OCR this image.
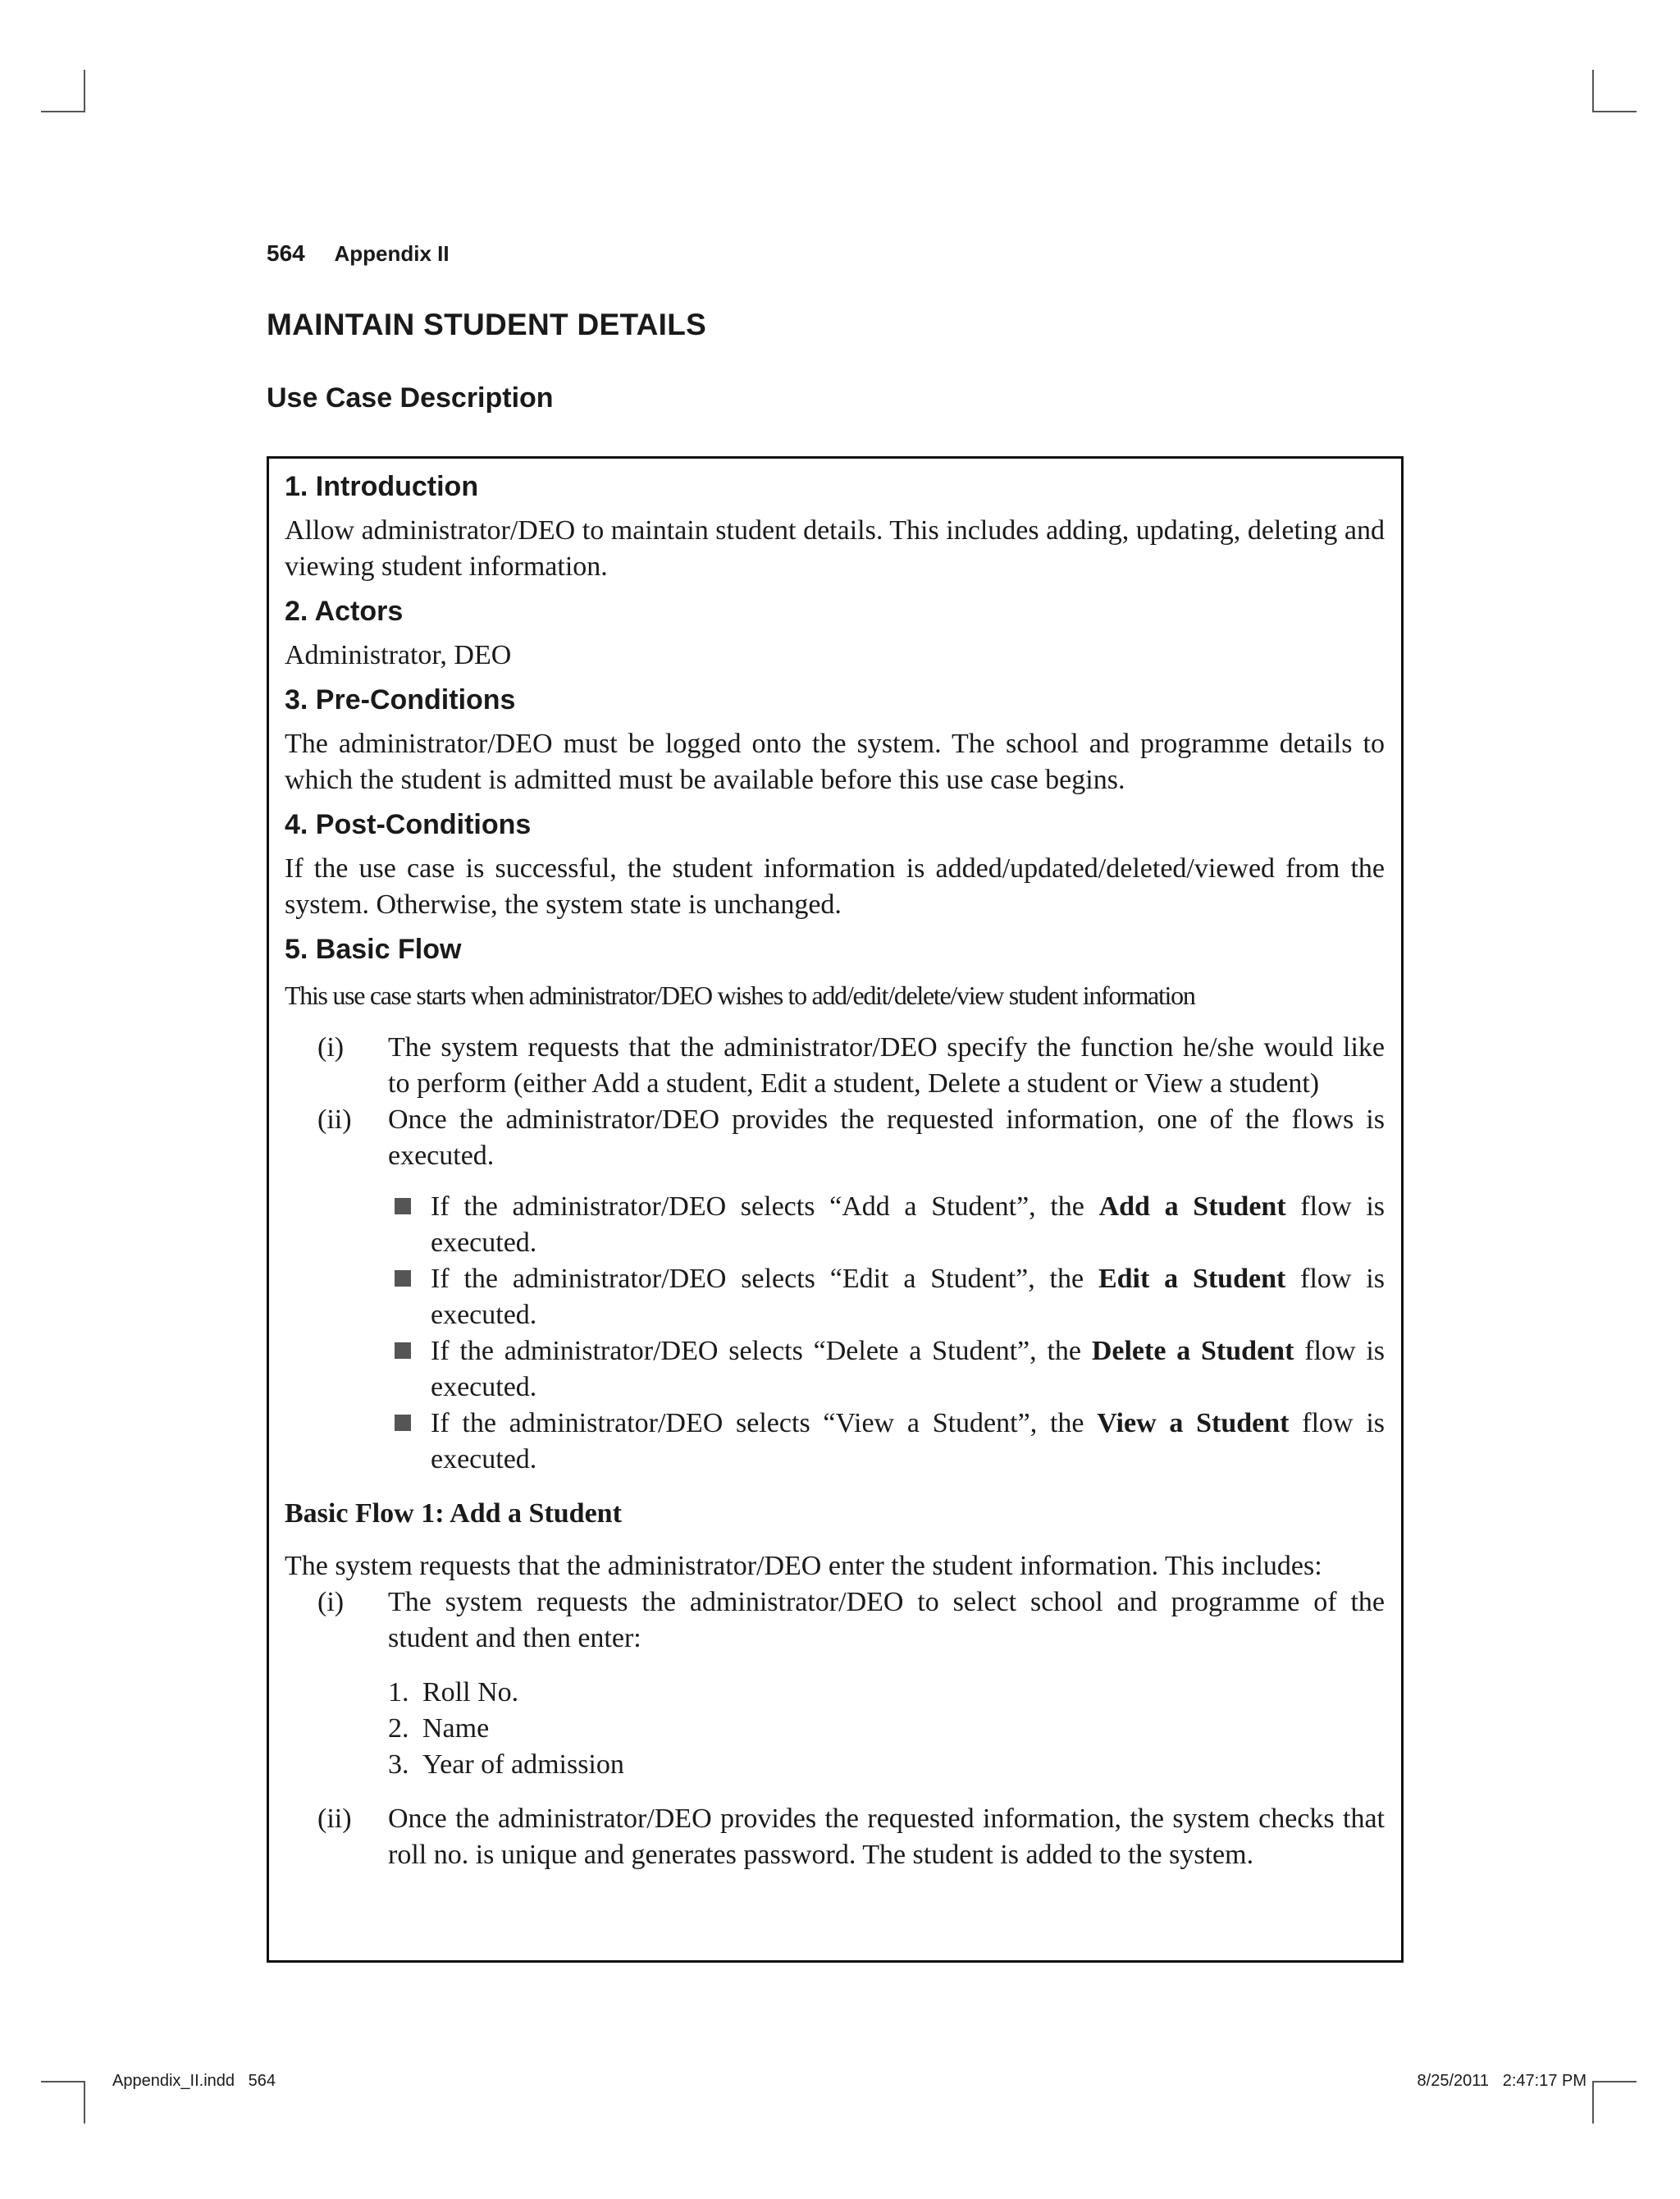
564 Appendix II
MAINTAIN STUDENT DETAILS
Use Case Description
1. Introduction

Allow administrator/DEO to maintain student details. This includes adding, updating, deleting and viewing student information.

2. Actors

Administrator, DEO

3. Pre-Conditions

The administrator/DEO must be logged onto the system. The school and programme details to which the student is admitted must be available before this use case begins.

4. Post-Conditions

If the use case is successful, the student information is added/updated/deleted/viewed from the system. Otherwise, the system state is unchanged.

5. Basic Flow

This use case starts when administrator/DEO wishes to add/edit/delete/view student information

(i) The system requests that the administrator/DEO specify the function he/she would like to perform (either Add a student, Edit a student, Delete a student or View a student)
(ii) Once the administrator/DEO provides the requested information, one of the flows is executed.
If the administrator/DEO selects “Add a Student”, the Add a Student flow is executed.
If the administrator/DEO selects “Edit a Student”, the Edit a Student flow is executed.
If the administrator/DEO selects “Delete a Student”, the Delete a Student flow is executed.
If the administrator/DEO selects “View a Student”, the View a Student flow is executed.
Basic Flow 1: Add a Student

The system requests that the administrator/DEO enter the student information. This includes:

(i) The system requests the administrator/DEO to select school and programme of the student and then enter:
1. Roll No.
2. Name
3. Year of admission
(ii) Once the administrator/DEO provides the requested information, the system checks that roll no. is unique and generates password. The student is added to the system.
Appendix_II.indd   564	8/25/2011   2:47:17 PM
